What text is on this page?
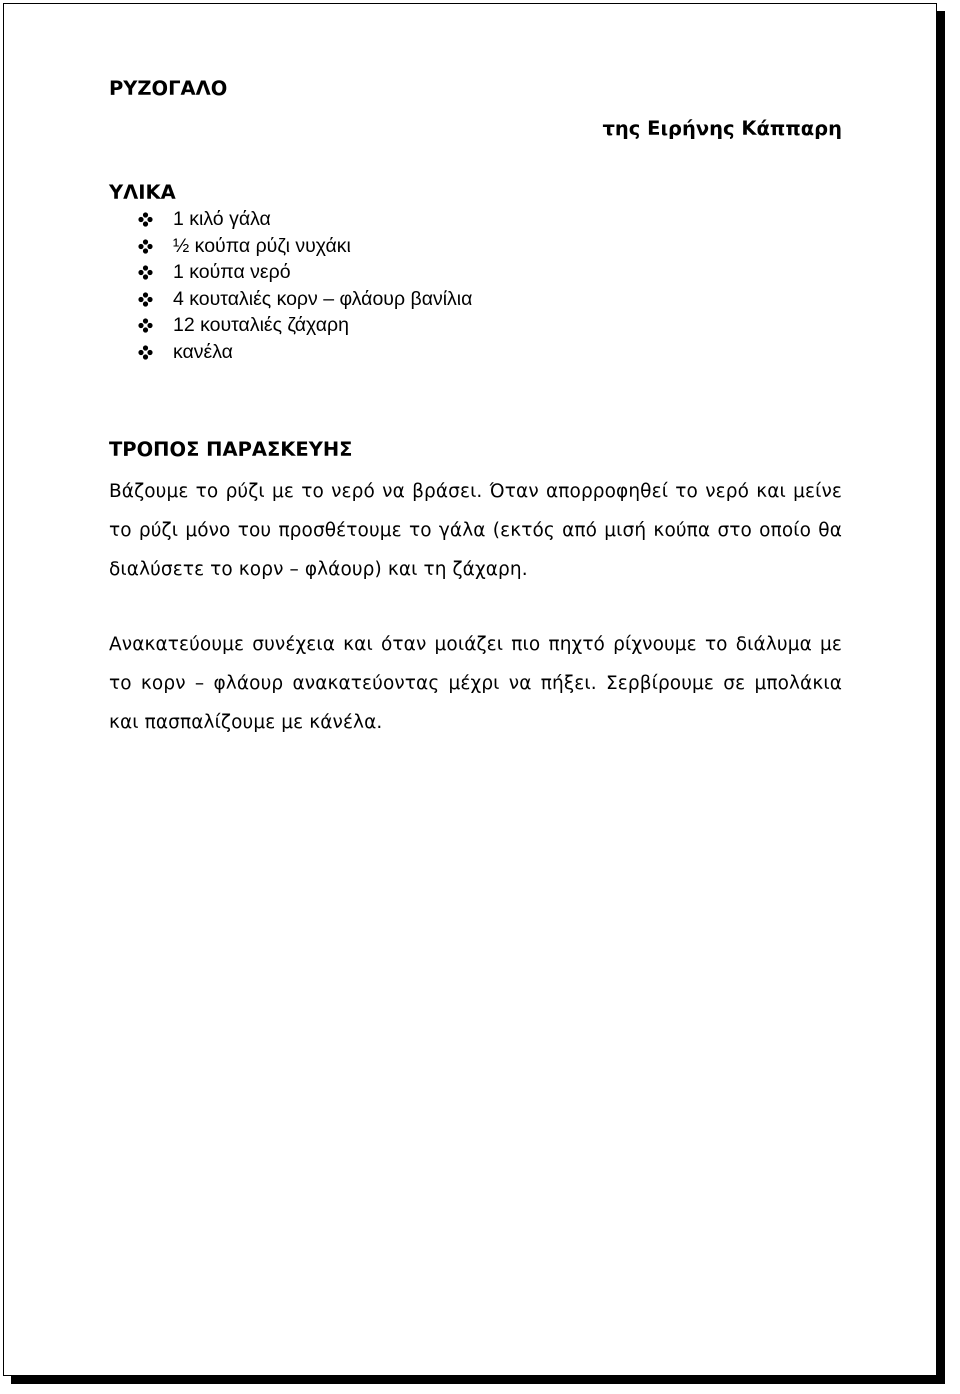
ΡΥΖΟΓΑΛΟ
της Ειρήνης Κάππαρη
ΥΛΙΚΑ
1 κιλό γάλα
½ κούπα ρύζι νυχάκι
1 κούπα νερό
4 κουταλιές κορν – φλάουρ βανίλια
12 κουταλιές ζάχαρη
κανέλα
ΤΡΟΠΟΣ ΠΑΡΑΣΚΕΥΗΣ

Βάζουμε το ρύζι με το νερό να βράσει. Όταν απορροφηθεί το νερό και μείνε το ρύζι μόνο του προσθέτουμε το γάλα (εκτός από μισή κούπα στο οποίο θα διαλύσετε το κορν – φλάουρ) και τη ζάχαρη.

Ανακατεύουμε συνέχεια και όταν μοιάζει πιο πηχτό ρίχνουμε το διάλυμα με το κορν – φλάουρ ανακατεύοντας μέχρι να πήξει. Σερβίρουμε σε μπολάκια και πασπαλίζουμε με κάνέλα.
